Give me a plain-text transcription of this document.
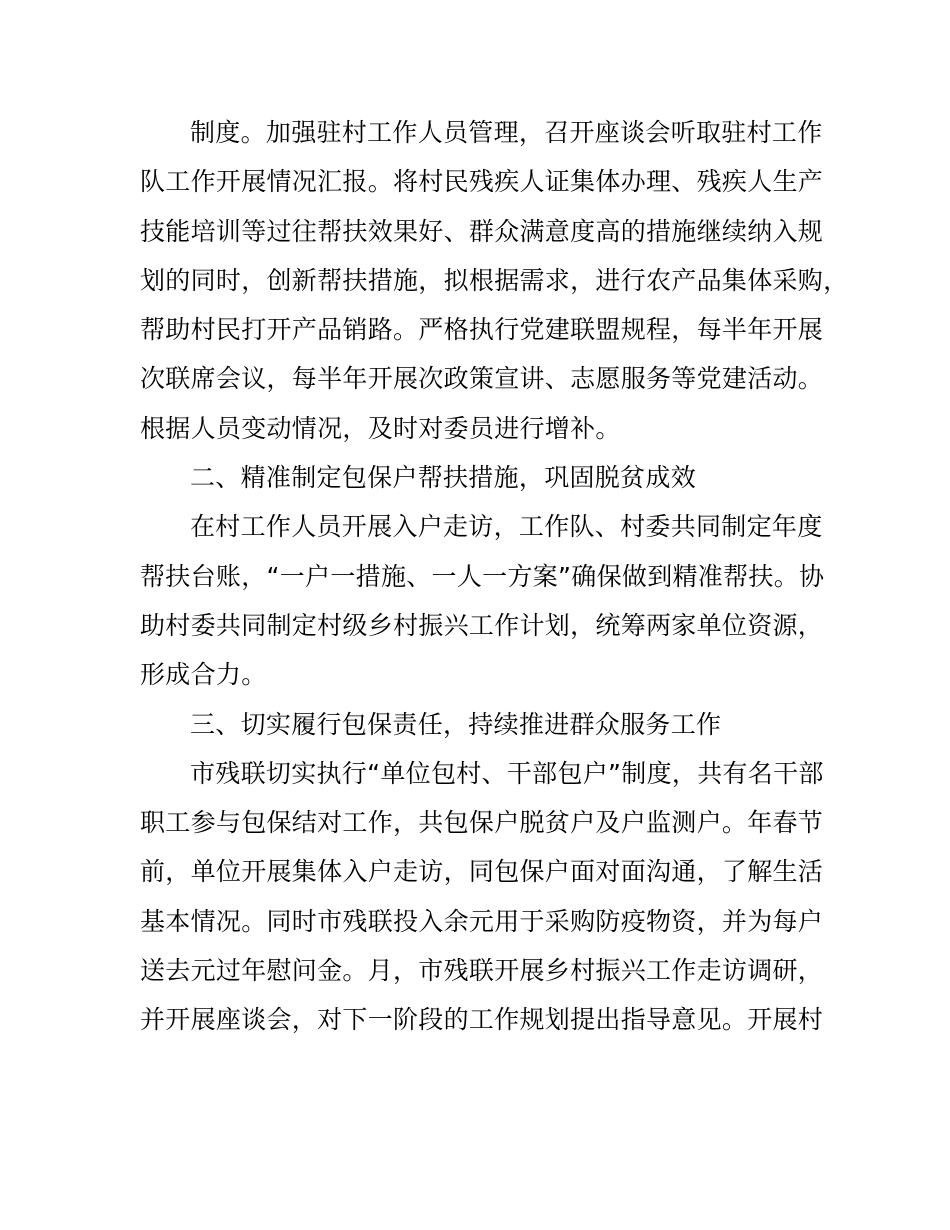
制度。加强驻村工作人员管理，召开座谈会听取驻村工作
队工作开展情况汇报。将村民残疾人证集体办理、残疾人生产
技能培训等过往帮扶效果好、群众满意度高的措施继续纳入规
划的同时，创新帮扶措施，拟根据需求，进行农产品集体采购，
帮助村民打开产品销路。严格执行党建联盟规程，每半年开展
次联席会议，每半年开展次政策宣讲、志愿服务等党建活动。
根据人员变动情况，及时对委员进行增补。
二、精准制定包保户帮扶措施，巩固脱贫成效
在村工作人员开展入户走访，工作队、村委共同制定年度
帮扶台账，“一户一措施、一人一方案”确保做到精准帮扶。协
助村委共同制定村级乡村振兴工作计划，统筹两家单位资源，
形成合力。
三、切实履行包保责任，持续推进群众服务工作
市残联切实执行“单位包村、干部包户”制度，共有名干部
职工参与包保结对工作，共包保户脱贫户及户监测户。年春节
前，单位开展集体入户走访，同包保户面对面沟通，了解生活
基本情况。同时市残联投入余元用于采购防疫物资，并为每户
送去元过年慰问金。月，市残联开展乡村振兴工作走访调研，
并开展座谈会，对下一阶段的工作规划提出指导意见。开展村
